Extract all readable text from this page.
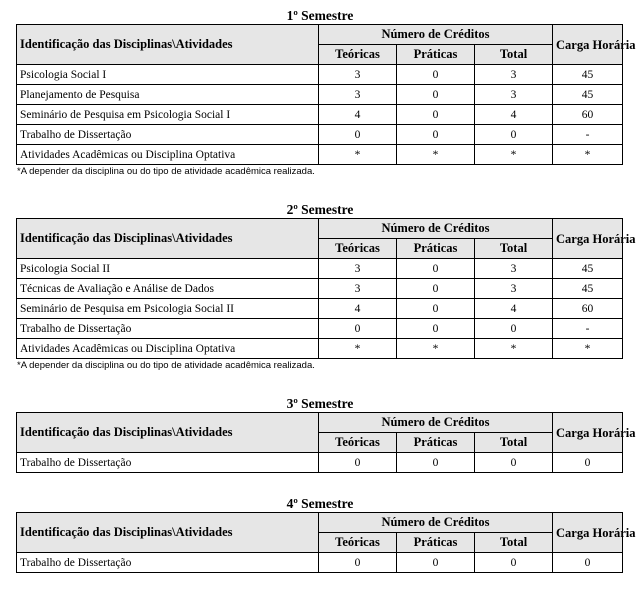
1º Semestre
Identificação das Disciplinas\Atividades	Número de Créditos			Carga Horária
	Teóricas	Práticas	Total	
Psicologia Social I	3	0	3	45
Planejamento de Pesquisa	3	0	3	45
Seminário de Pesquisa em Psicologia Social I	4	0	4	60
Trabalho de Dissertação	0	0	0	-
Atividades Acadêmicas ou Disciplina Optativa	*	*	*	*
*A depender da disciplina ou do tipo de atividade acadêmica realizada.
2º Semestre
Identificação das Disciplinas\Atividades	Número de Créditos			Carga Horária
	Teóricas	Práticas	Total	
Psicologia Social II	3	0	3	45
Técnicas de Avaliação e Análise de Dados	3	0	3	45
Seminário de Pesquisa em Psicologia Social II	4	0	4	60
Trabalho de Dissertação	0	0	0	-
Atividades Acadêmicas ou Disciplina Optativa	*	*	*	*
*A depender da disciplina ou do tipo de atividade acadêmica realizada.
3º Semestre
Identificação das Disciplinas\Atividades	Número de Créditos			Carga Horária
	Teóricas	Práticas	Total	
Trabalho de Dissertação	0	0	0	0
4º Semestre
Identificação das Disciplinas\Atividades	Número de Créditos			Carga Horária
	Teóricas	Práticas	Total	
Trabalho de Dissertação	0	0	0	0
